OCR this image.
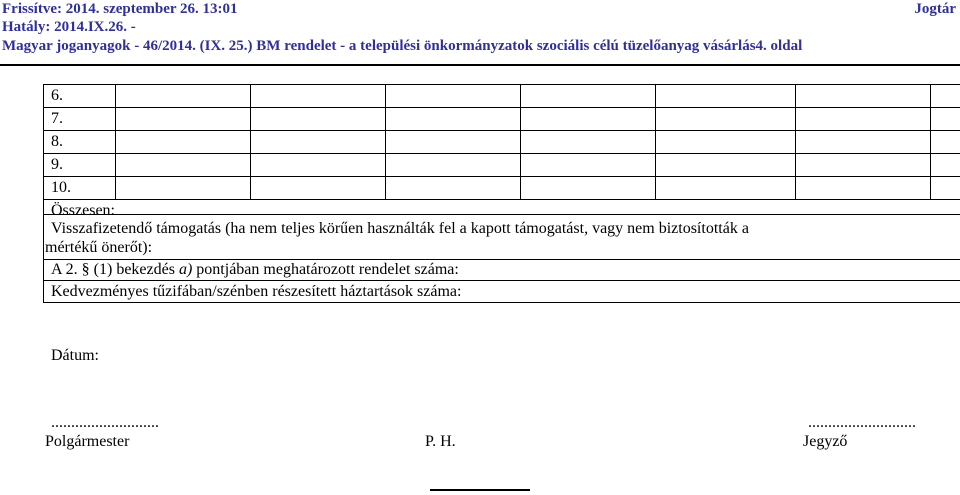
Frissítve: 2014. szeptember 26. 13:01
Hatály: 2014.IX.26. -
Magyar joganyagok - 46/2014. (IX. 25.) BM rendelet - a települési önkormányzatok szociális célú tüzelőanyag vásárlás4. oldal
Jogtár
6.
7.
8.
9.
10.
Összesen:
Visszafizetendő támogatás (ha nem teljes körűen használták fel a kapott támogatást, vagy nem biztosították a
mértékű önerőt):
A 2. § (1) bekezdés a) pontjában meghatározott rendelet száma:
Kedvezményes tűzifában/szénben részesített háztartások száma:
Dátum:
...........................	...........................
Polgármester	P. H.	Jegyző
